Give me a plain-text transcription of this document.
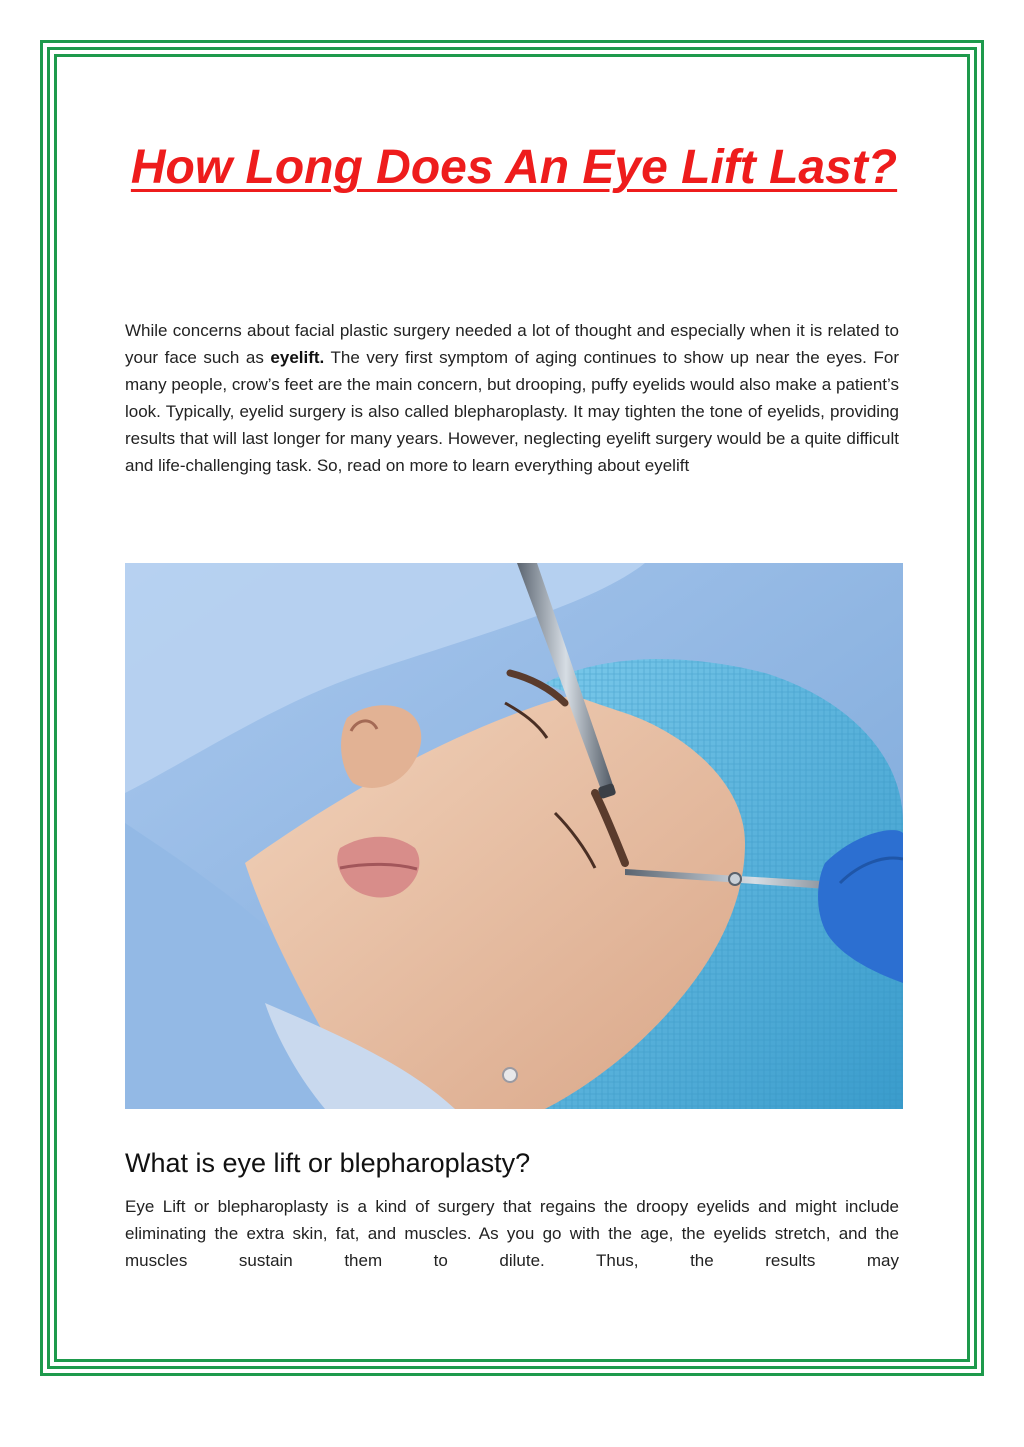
How Long Does An Eye Lift Last?

While concerns about facial plastic surgery needed a lot of thought and especially when it is related to your face such as eyelift. The very first symptom of aging continues to show up near the eyes. For many people, crow’s feet are the main concern, but drooping, puffy eyelids would also make a patient’s look. Typically, eyelid surgery is also called blepharoplasty. It may tighten the tone of eyelids, providing results that will last longer for many years. However, neglecting eyelift surgery would be a quite difficult and life-challenging task. So, read on more to learn everything about eyelift

What is eye lift or blepharoplasty?

Eye Lift or blepharoplasty is a kind of surgery that regains the droopy eyelids and might include eliminating the extra skin, fat, and muscles. As you go with the age, the eyelids stretch, and the muscles sustain them to dilute. Thus, the results may
